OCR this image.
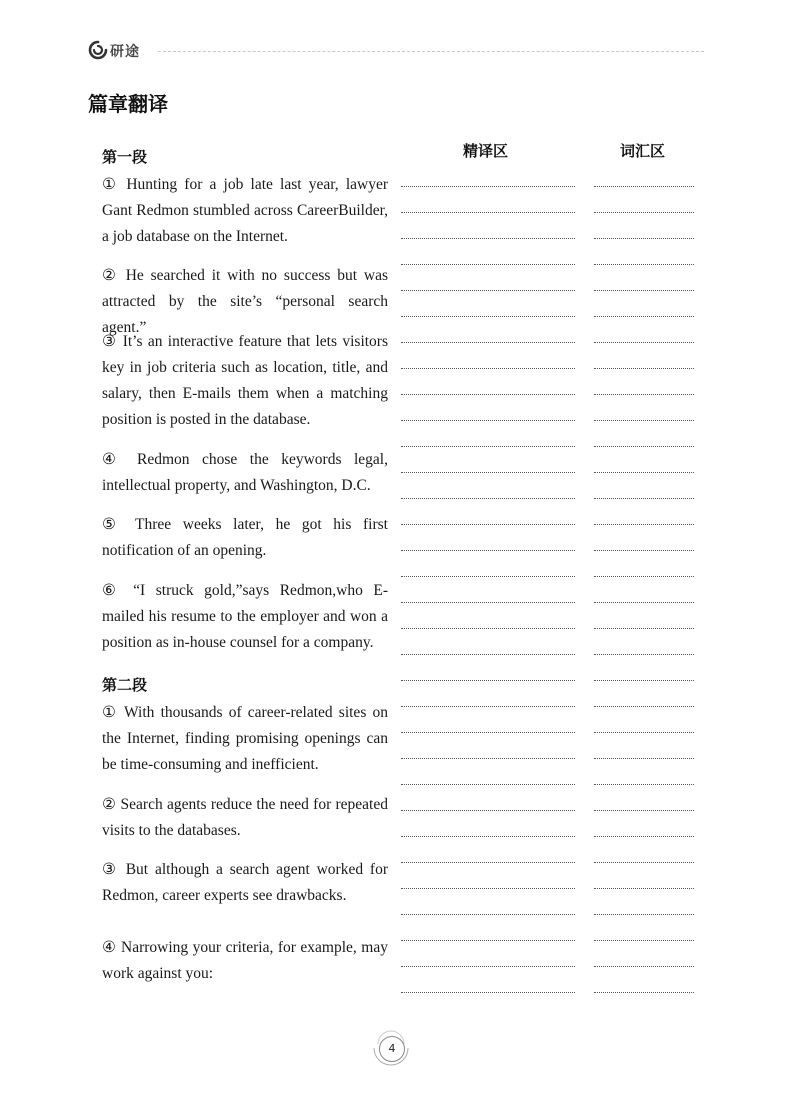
研途
篇章翻译
精译区	词汇区
第一段

① Hunting for a job late last year, lawyer Gant Redmon stumbled across CareerBuilder, a job database on the Internet.

② He searched it with no success but was attracted by the site’s “personal search agent.”

③ It’s an interactive feature that lets visitors key in job criteria such as location, title, and salary, then E-mails them when a matching position is posted in the database.

④ Redmon chose the keywords legal, intellectual property, and Washington, D.C.

⑤ Three weeks later, he got his first notification of an opening.

⑥ “I struck gold,”says Redmon,who E-mailed his resume to the employer and won a position as in-house counsel for a company.

第二段

① With thousands of career-related sites on the Internet, finding promising openings can be time-consuming and inefficient.

② Search agents reduce the need for repeated visits to the databases.

③ But although a search agent worked for Redmon, career experts see drawbacks.

④ Narrowing your criteria, for example, may work against you:

4
